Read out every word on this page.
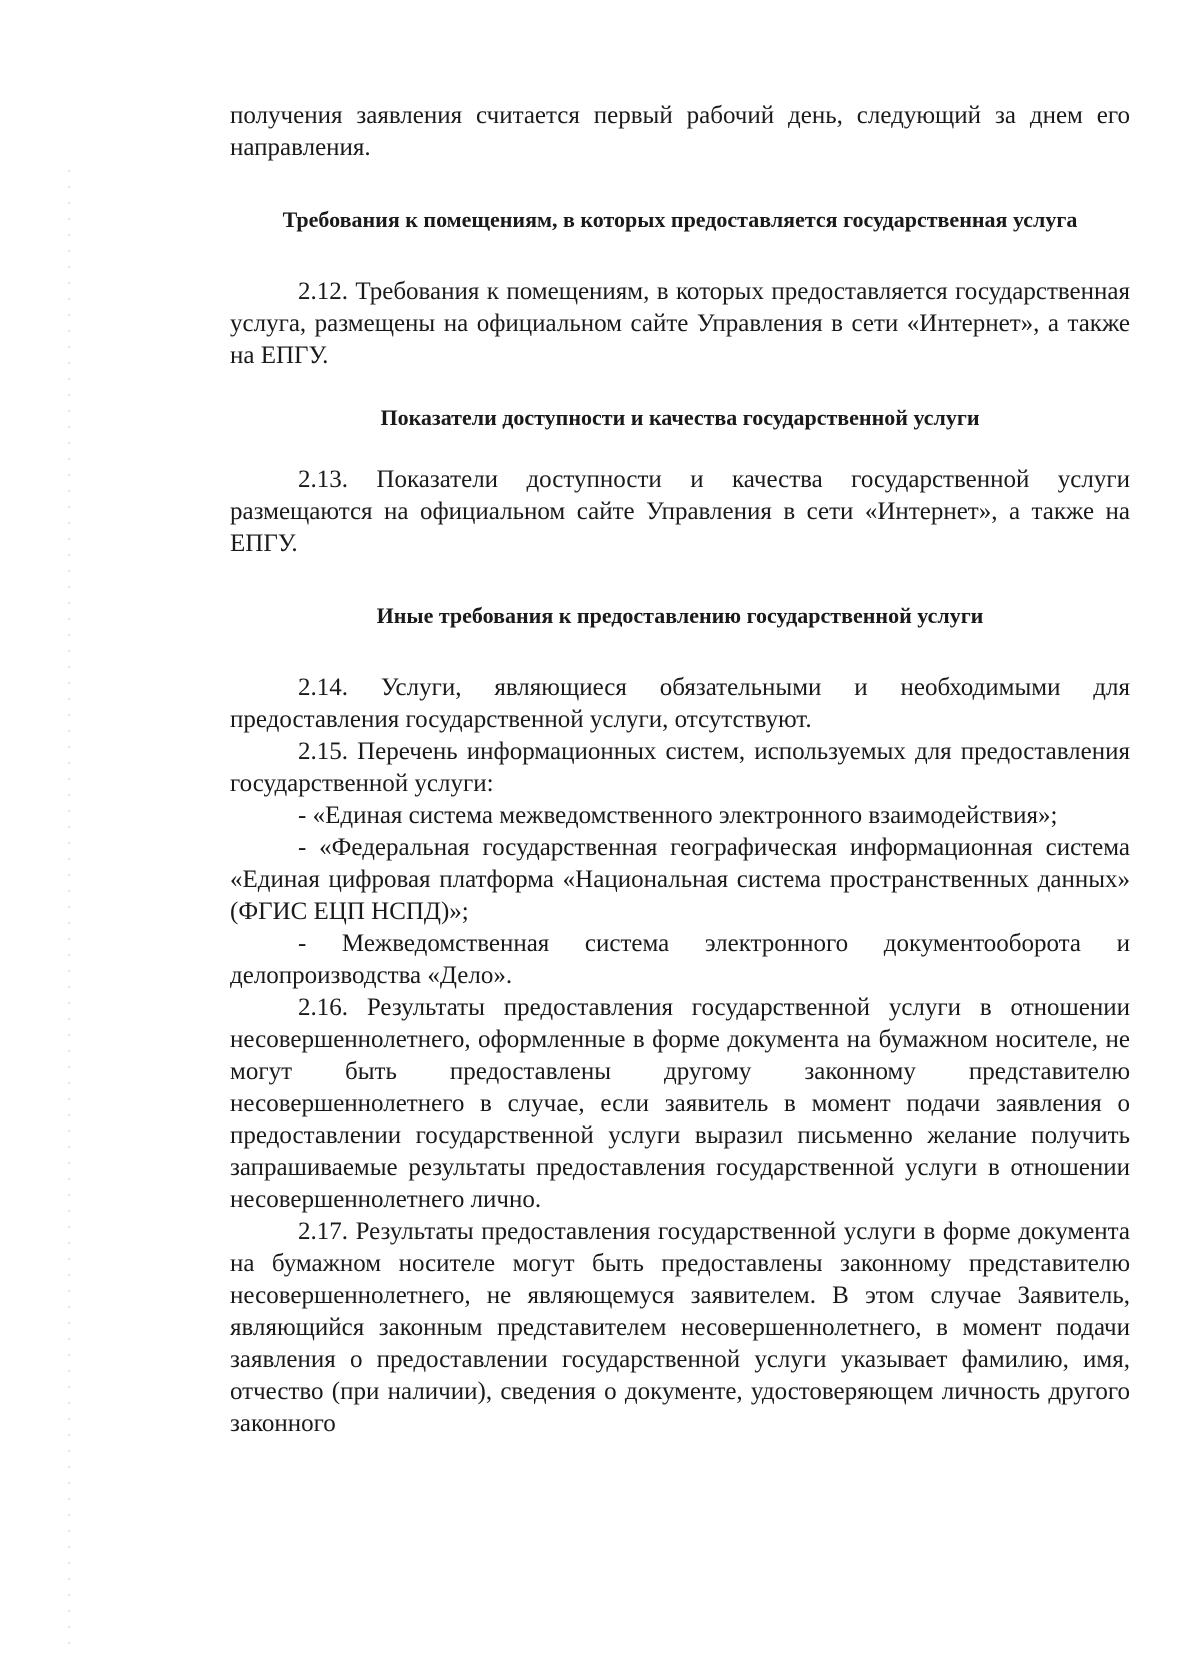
получения заявления считается первый рабочий день, следующий за днем его направления.

Требования к помещениям, в которых предоставляется государственная услуга

2.12. Требования к помещениям, в которых предоставляется государственная услуга, размещены на официальном сайте Управления в сети «Интернет», а также на ЕПГУ.

Показатели доступности и качества государственной услуги

2.13. Показатели доступности и качества государственной услуги размещаются на официальном сайте Управления в сети «Интернет», а также на ЕПГУ.

Иные требования к предоставлению государственной услуги

2.14. Услуги, являющиеся обязательными и необходимыми для предоставления государственной услуги, отсутствуют.

2.15. Перечень информационных систем, используемых для предоставления государственной услуги:

- «Единая система межведомственного электронного взаимодействия»;

- «Федеральная государственная географическая информационная система «Единая цифровая платформа «Национальная система пространственных данных» (ФГИС ЕЦП НСПД)»;

- Межведомственная система электронного документооборота и делопроизводства «Дело».

2.16. Результаты предоставления государственной услуги в отношении несовершеннолетнего, оформленные в форме документа на бумажном носителе, не могут быть предоставлены другому законному представителю несовершеннолетнего в случае, если заявитель в момент подачи заявления о предоставлении государственной услуги выразил письменно желание получить запрашиваемые результаты предоставления государственной услуги в отношении несовершеннолетнего лично.

2.17. Результаты предоставления государственной услуги в форме документа на бумажном носителе могут быть предоставлены законному представителю несовершеннолетнего, не являющемуся заявителем. В этом случае Заявитель, являющийся законным представителем несовершеннолетнего, в момент подачи заявления о предоставлении государственной услуги указывает фамилию, имя, отчество (при наличии), сведения о документе, удостоверяющем личность другого законного
